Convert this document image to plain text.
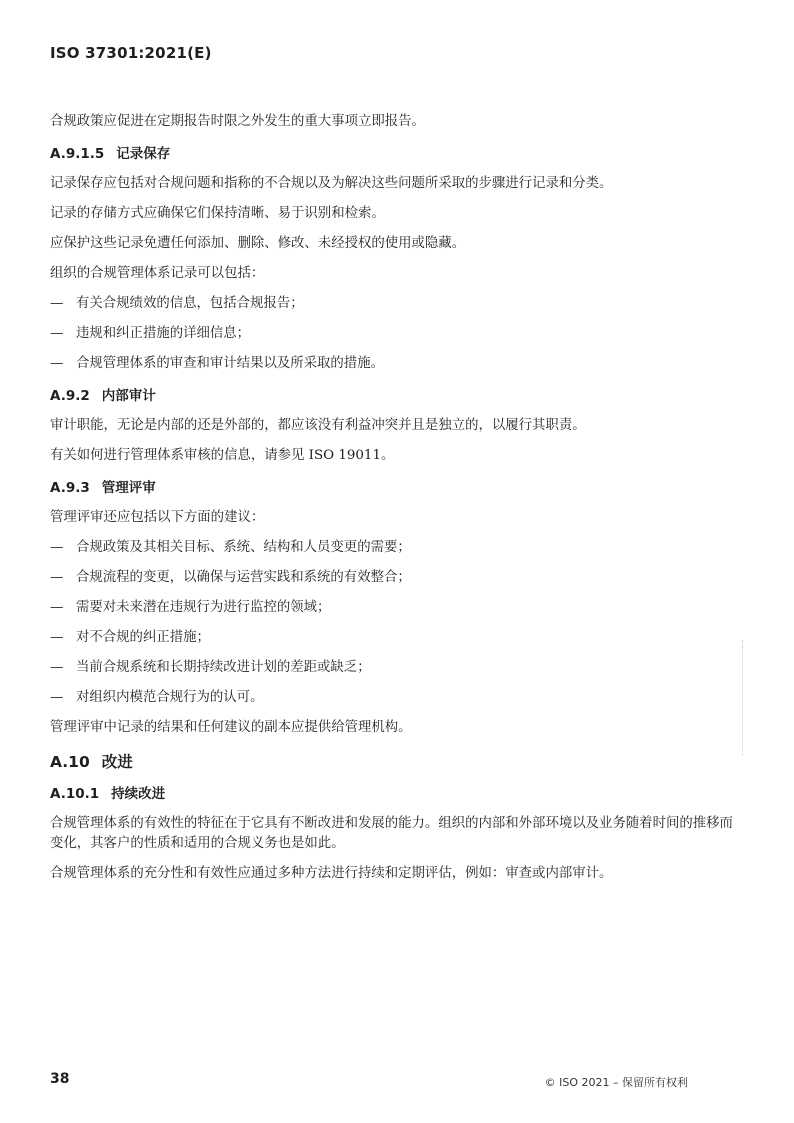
ISO 37301:2021(E)

合规政策应促进在定期报告时限之外发生的重大事项立即报告。

A.9.1.5 记录保存

记录保存应包括对合规问题和指称的不合规以及为解决这些问题所采取的步骤进行记录和分类。

记录的存储方式应确保它们保持清晰、易于识别和检索。

应保护这些记录免遭任何添加、删除、修改、未经授权的使用或隐藏。

组织的合规管理体系记录可以包括：

— 有关合规绩效的信息，包括合规报告；
— 违规和纠正措施的详细信息；
— 合规管理体系的审查和审计结果以及所采取的措施。
A.9.2 内部审计

审计职能，无论是内部的还是外部的，都应该没有利益冲突并且是独立的，以履行其职责。

有关如何进行管理体系审核的信息，请参见 ISO 19011。

A.9.3 管理评审

管理评审还应包括以下方面的建议：

— 合规政策及其相关目标、系统、结构和人员变更的需要；
— 合规流程的变更，以确保与运营实践和系统的有效整合；
— 需要对未来潜在违规行为进行监控的领域；
— 对不合规的纠正措施；
— 当前合规系统和长期持续改进计划的差距或缺乏；
— 对组织内模范合规行为的认可。

管理评审中记录的结果和任何建议的副本应提供给管理机构。

A.10 改进
A.10.1 持续改进

合规管理体系的有效性的特征在于它具有不断改进和发展的能力。组织的内部和外部环境以及业务随着时间的推移而变化，其客户的性质和适用的合规义务也是如此。

合规管理体系的充分性和有效性应通过多种方法进行持续和定期评估，例如：审查或内部审计。

38	© ISO 2021 – 保留所有权利
